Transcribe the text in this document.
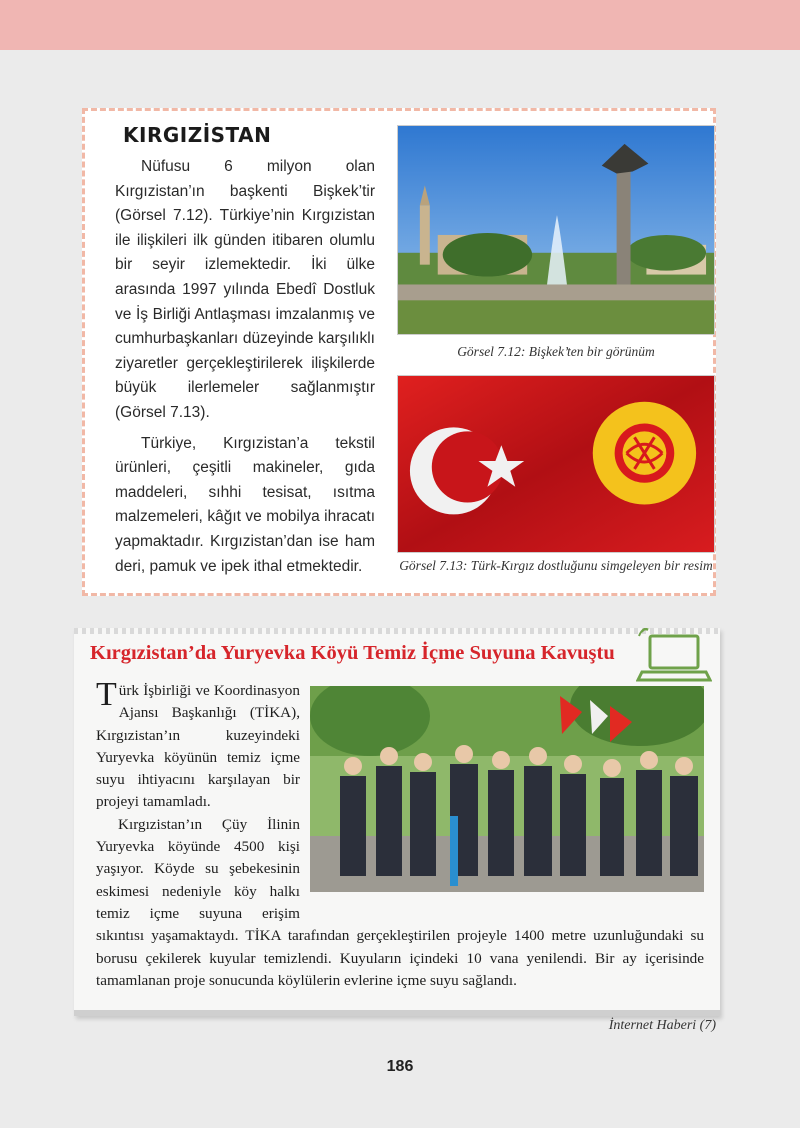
KIRGIZİSTAN

Nüfusu 6 milyon olan Kırgızistan’ın başkenti Bişkek’tir (Görsel 7.12). Türkiye’nin Kırgızistan ile ilişkileri ilk günden itibaren olumlu bir seyir izlemektedir. İki ülke arasında 1997 yılında Ebedî Dostluk ve İş Birliği Antlaşması imzalanmış ve cumhurbaşkanları düzeyinde karşılıklı ziyaretler gerçekleştirilerek ilişkilerde büyük ilerlemeler sağlanmıştır (Görsel 7.13).

Türkiye, Kırgızistan’a tekstil ürünleri, çeşitli makineler, gıda maddeleri, sıhhi tesisat, ısıtma malzemeleri, kâğıt ve mobilya ihracatı yapmaktadır. Kırgızistan’dan ise ham deri, pamuk ve ipek ithal etmektedir.

Görsel 7.12: Bişkek’ten bir görünüm
Görsel 7.13: Türk-Kırgız dostluğunu simgeleyen bir resim
Kırgızistan’da Yuryevka Köyü Temiz İçme Suyuna Kavuştu

Türk İşbirliği ve Koordinasyon Ajansı Başkanlığı (TİKA), Kırgızistan’ın kuzeyindeki Yuryevka köyünün temiz içme suyu ihtiyacını karşılayan bir projeyi tamamladı.

Kırgızistan’ın Çüy İlinin Yuryevka köyünde 4500 kişi yaşıyor. Köyde su şebekesinin eskimesi nedeniyle köy halkı temiz içme suyuna erişim sıkıntısı yaşamaktaydı. TİKA tarafından gerçekleştirilen projeyle 1400 metre uzunluğundaki su borusu çekilerek kuyular temizlendi. Kuyuların içindeki 10 vana yenilendi. Bir ay içerisinde tamamlanan proje sonucunda köylülerin evlerine içme suyu sağlandı.

İnternet Haberi (7)
186
